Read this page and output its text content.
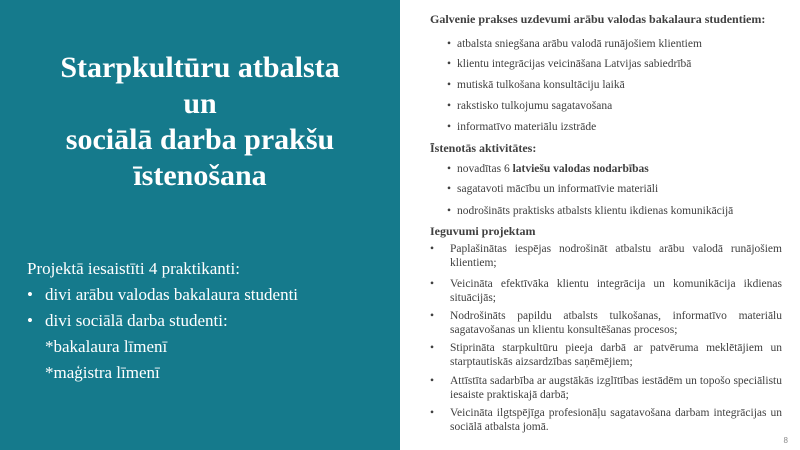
Starpkultūru atbalsta
un
sociālā darba prakšu
īstenošana
Projektā iesaistīti 4 praktikanti:
• divi arābu valodas bakalaura studenti
• divi sociālā darba studenti:
*bakalaura līmenī
*maģistra līmenī
Galvenie prakses uzdevumi arābu valodas bakalaura studentiem:
• atbalsta sniegšana arābu valodā runājošiem klientiem
• klientu integrācijas veicināšana Latvijas sabiedrībā
• mutiskā tulkošana konsultāciju laikā
• rakstisko tulkojumu sagatavošana
• informatīvo materiālu izstrāde
Īstenotās aktivitātes:
• novadītas 6 latviešu valodas nodarbības
• sagatavoti mācību un informatīvie materiāli
• nodrošināts praktisks atbalsts klientu ikdienas komunikācijā
Ieguvumi projektam
• Paplašinātas iespējas nodrošināt atbalstu arābu valodā runājošiem klientiem;
• Veicināta efektīvāka klientu integrācija un komunikācija ikdienas situācijās;
• Nodrošināts papildu atbalsts tulkošanas, informatīvo materiālu sagatavošanas un klientu konsultēšanas procesos;
• Stiprināta starpkultūru pieeja darbā ar patvēruma meklētājiem un starptautiskās aizsardzības saņēmējiem;
• Attīstīta sadarbība ar augstākās izglītības iestādēm un topošo speciālistu iesaiste praktiskajā darbā;
• Veicināta ilgtspējīga profesionāļu sagatavošana darbam integrācijas un sociālā atbalsta jomā.
8
